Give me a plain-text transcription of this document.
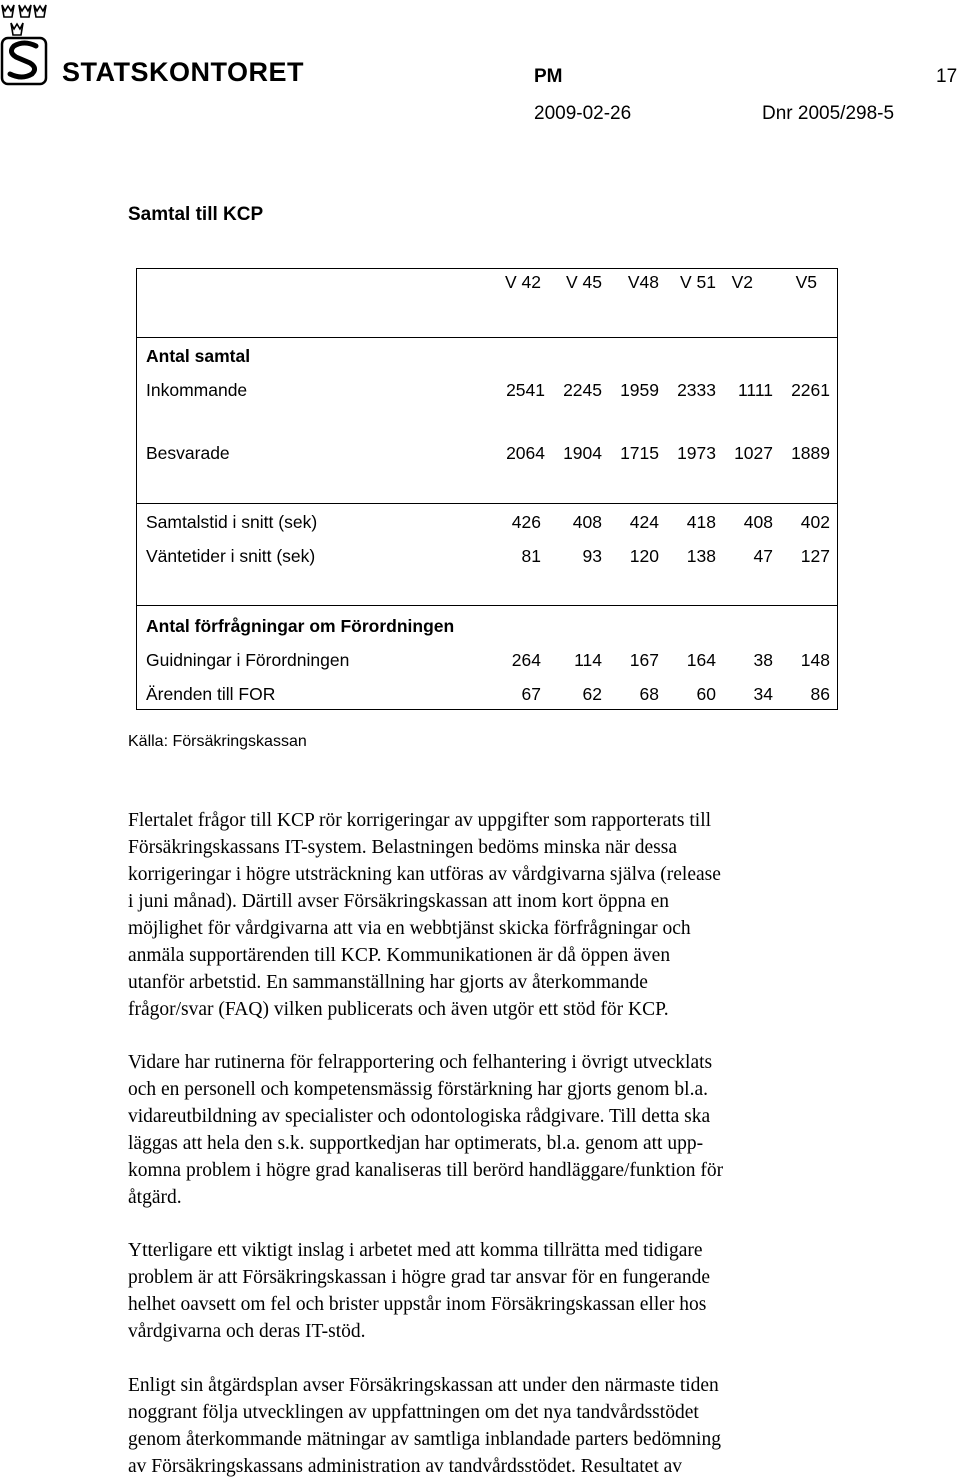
STATSKONTORET	PM	17
2009-02-26	Dnr 2005/298-5
Samtal till KCP
V 42 V 45 V48 V 51 V2 V5
Antal samtal
Inkommande	2541 2245 1959 2333 1111 2261
Besvarade	2064 1904 1715 1973 1027 1889
Samtalstid i snitt (sek)	426 408 424 418 408 402
Väntetider i snitt (sek)	81 93 120 138 47 127
Antal förfrågningar om Förordningen
Guidningar i Förordningen	264 114 167 164 38 148
Ärenden till FOR	67 62 68 60 34 86
Källa: Försäkringskassan
Flertalet frågor till KCP rör korrigeringar av uppgifter som rapporterats till
Försäkringskassans IT-system. Belastningen bedöms minska när dessa
korrigeringar i högre utsträckning kan utföras av vårdgivarna själva (release
i juni månad). Därtill avser Försäkringskassan att inom kort öppna en
möjlighet för vårdgivarna att via en webbtjänst skicka förfrågningar och
anmäla supportärenden till KCP. Kommunikationen är då öppen även
utanför arbetstid. En sammanställning har gjorts av återkommande
frågor/svar (FAQ) vilken publicerats och även utgör ett stöd för KCP.
Vidare har rutinerna för felrapportering och felhantering i övrigt utvecklats
och en personell och kompetensmässig förstärkning har gjorts genom bl.a.
vidareutbildning av specialister och odontologiska rådgivare. Till detta ska
läggas att hela den s.k. supportkedjan har optimerats, bl.a. genom att upp-
komna problem i högre grad kanaliseras till berörd handläggare/funktion för
åtgärd.
Ytterligare ett viktigt inslag i arbetet med att komma tillrätta med tidigare
problem är att Försäkringskassan i högre grad tar ansvar för en fungerande
helhet oavsett om fel och brister uppstår inom Försäkringskassan eller hos
vårdgivarna och deras IT-stöd.
Enligt sin åtgärdsplan avser Försäkringskassan att under den närmaste tiden
noggrant följa utvecklingen av uppfattningen om det nya tandvårdsstödet
genom återkommande mätningar av samtliga inblandade parters bedömning
av Försäkringskassans administration av tandvårdsstödet. Resultatet av
